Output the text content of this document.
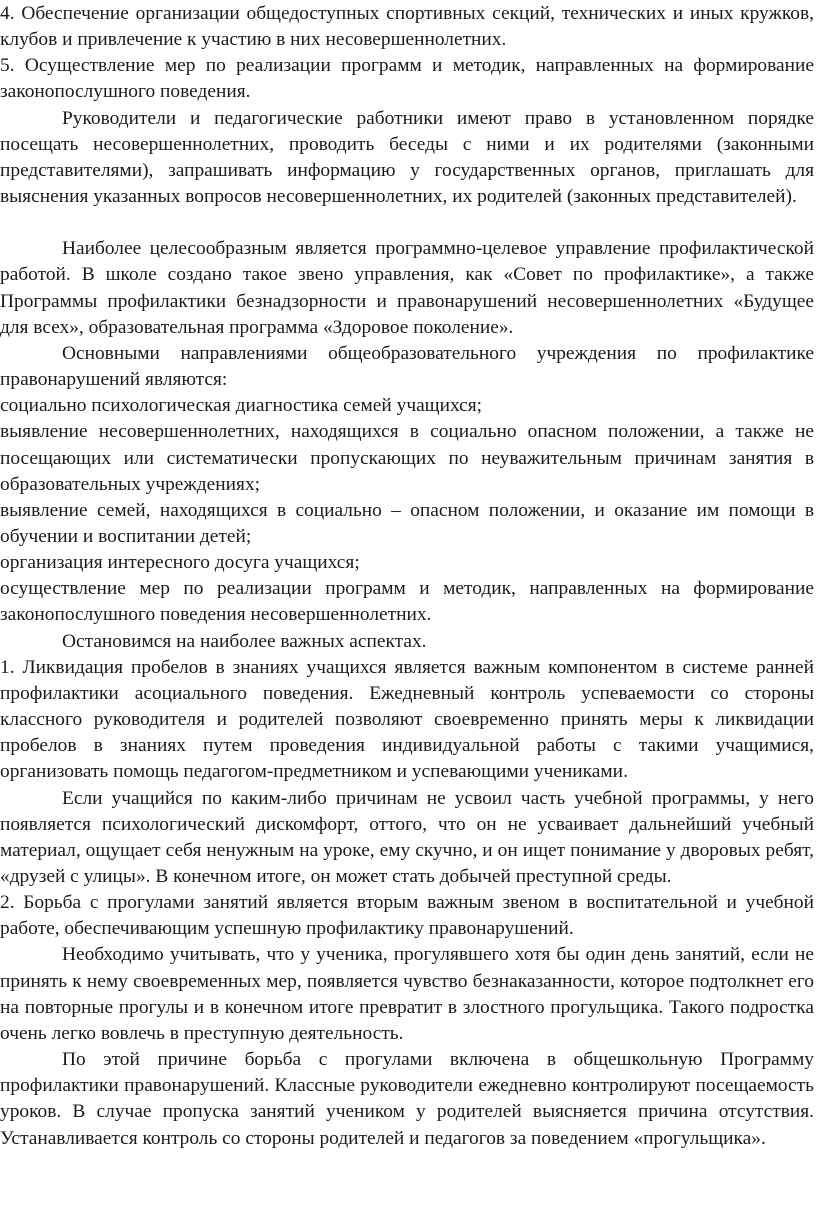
4. Обеспечение организации общедоступных спортивных секций, технических и иных кружков, клубов и привлечение к участию в них несовершеннолетних.

5. Осуществление мер по реализации программ и методик, направленных на формирование законопослушного поведения.

Руководители и педагогические работники имеют право в установленном порядке посещать несовершеннолетних, проводить беседы с ними и их родителями (законными представителями), запрашивать информацию у государственных органов, приглашать для выяснения указанных вопросов несовершеннолетних, их родителей (законных представителей).

Наиболее целесообразным является программно-целевое управление профилактической работой. В школе создано такое звено управления, как «Совет по профилактике», а также Программы профилактики безнадзорности и правонарушений несовершеннолетних «Будущее для всех», образовательная программа «Здоровое поколение».

Основными направлениями общеобразовательного учреждения по профилактике правонарушений являются:

социально психологическая диагностика семей учащихся;

выявление несовершеннолетних, находящихся в социально опасном положении, а также не посещающих или систематически пропускающих по неуважительным причинам занятия в образовательных учреждениях;

выявление семей, находящихся в социально – опасном положении, и оказание им помощи в обучении и воспитании детей;

организация интересного досуга учащихся;

осуществление мер по реализации программ и методик, направленных на формирование законопослушного поведения несовершеннолетних.

Остановимся на наиболее важных аспектах.

1. Ликвидация пробелов в знаниях учащихся является важным компонентом в системе ранней профилактики асоциального поведения. Ежедневный контроль успеваемости со стороны классного руководителя и родителей позволяют своевременно принять меры к ликвидации пробелов в знаниях путем проведения индивидуальной работы с такими учащимися, организовать помощь педагогом-предметником и успевающими учениками.

Если учащийся по каким-либо причинам не усвоил часть учебной программы, у него появляется психологический дискомфорт, оттого, что он не усваивает дальнейший учебный материал, ощущает себя ненужным на уроке, ему скучно, и он ищет понимание у дворовых ребят, «друзей с улицы». В конечном итоге, он может стать добычей преступной среды.

2. Борьба с прогулами занятий является вторым важным звеном в воспитательной и учебной работе, обеспечивающим успешную профилактику правонарушений.

Необходимо учитывать, что у ученика, прогулявшего хотя бы один день занятий, если не принять к нему своевременных мер, появляется чувство безнаказанности, которое подтолкнет его на повторные прогулы и в конечном итоге превратит в злостного прогульщика. Такого подростка очень легко вовлечь в преступную деятельность.

По этой причине борьба с прогулами включена в общешкольную Программу профилактики правонарушений. Классные руководители ежедневно контролируют посещаемость уроков. В случае пропуска занятий учеником у родителей выясняется причина отсутствия. Устанавливается контроль со стороны родителей и педагогов за поведением «прогульщика».
